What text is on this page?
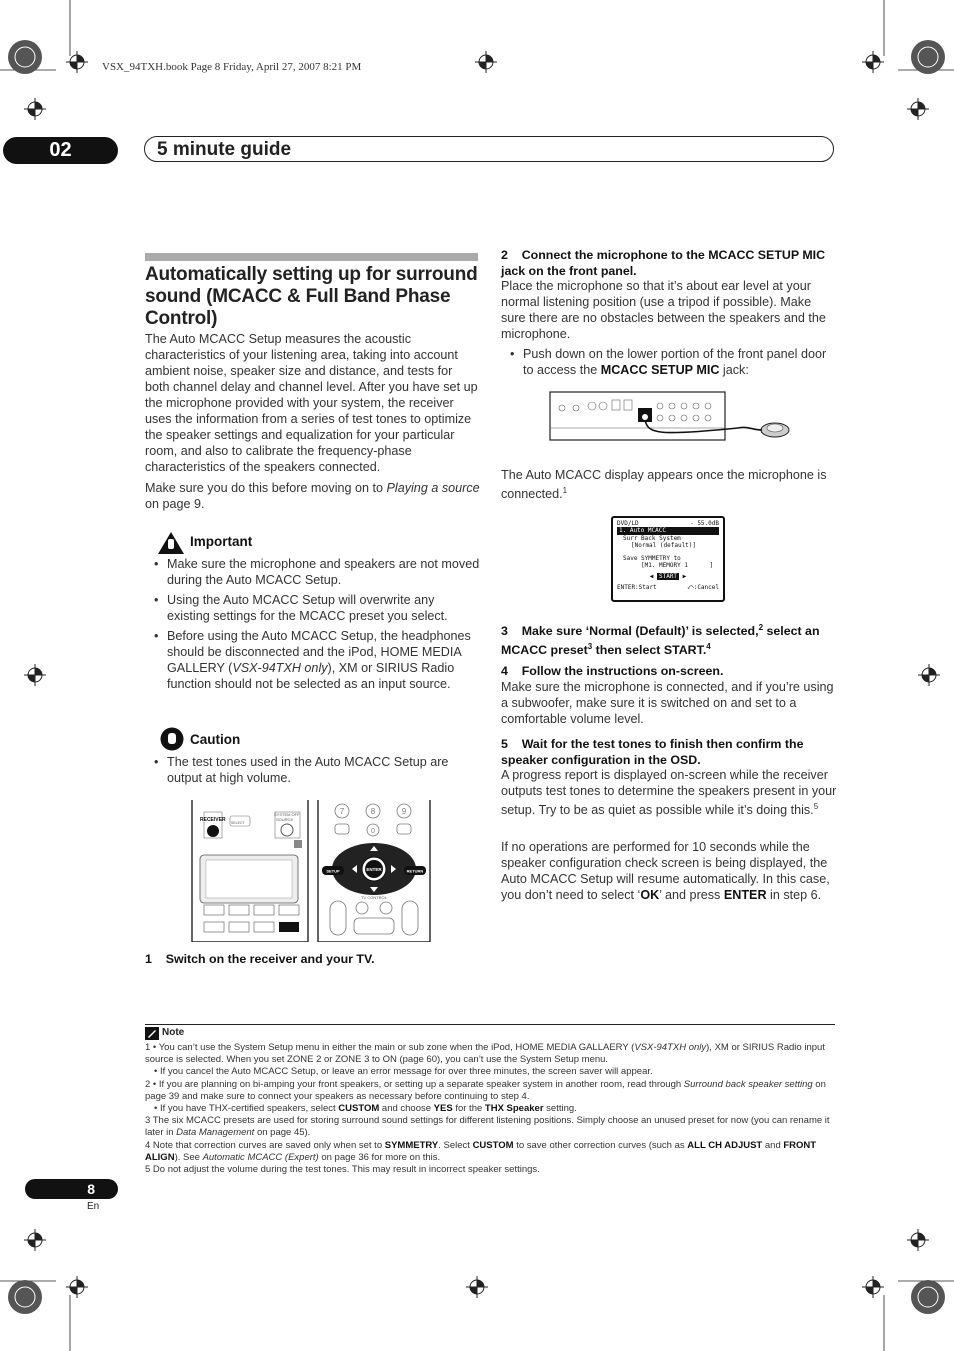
VSX_94TXH.book Page 8 Friday, April 27, 2007 8:21 PM
02	5 minute guide
Automatically setting up for surround sound (MCACC & Full Band Phase Control)
The Auto MCACC Setup measures the acoustic characteristics of your listening area, taking into account ambient noise, speaker size and distance, and tests for both channel delay and channel level. After you have set up the microphone provided with your system, the receiver uses the information from a series of test tones to optimize the speaker settings and equalization for your particular room, and also to calibrate the frequency-phase characteristics of the speakers connected.
Make sure you do this before moving on to Playing a source on page 9.
Important
• Make sure the microphone and speakers are not moved during the Auto MCACC Setup.
• Using the Auto MCACC Setup will overwrite any existing settings for the MCACC preset you select.
• Before using the Auto MCACC Setup, the headphones should be disconnected and the iPod, HOME MEDIA GALLERY (VSX-94TXH only), XM or SIRIUS Radio function should not be selected as an input source.
Caution
• The test tones used in the Auto MCACC Setup are output at high volume.
RECEIVER
SYSTEM OFF
SOURCE
SELECT
7	8	9
0
ENTER
SETUP	RETURN
TV CONTROL
1 Switch on the receiver and your TV.
2 Connect the microphone to the MCACC SETUP MIC jack on the front panel.
Place the microphone so that it’s about ear level at your normal listening position (use a tripod if possible). Make sure there are no obstacles between the speakers and the microphone.
• Push down on the lower portion of the front panel door to access the MCACC SETUP MIC jack:
The Auto MCACC display appears once the microphone is connected.$^1$
DVD/LD	- 55.0dB
1. Auto MCACC
Surr Back System
[Normal (default)]
Save SYMMETRY to
[M1. MEMORY 1      ]
◀ START ▶
ENTER:Start	⤺:Cancel
3 Make sure ‘Normal (Default)’ is selected,$^2$ select an MCACC preset$^3$ then select START.$^4$
4 Follow the instructions on-screen.
Make sure the microphone is connected, and if you’re using a subwoofer, make sure it is switched on and set to a comfortable volume level.
5 Wait for the test tones to finish then confirm the speaker configuration in the OSD.
A progress report is displayed on-screen while the receiver outputs test tones to determine the speakers present in your setup. Try to be as quiet as possible while it’s doing this.$^5$
If no operations are performed for 10 seconds while the speaker configuration check screen is being displayed, the Auto MCACC Setup will resume automatically. In this case, you don’t need to select ‘OK’ and press ENTER in step 6.
Note
1 • You can’t use the System Setup menu in either the main or sub zone when the iPod, HOME MEDIA GALLAERY (VSX-94TXH only), XM or SIRIUS Radio input source is selected. When you set ZONE 2 or ZONE 3 to ON (page 60), you can’t use the System Setup menu.
• If you cancel the Auto MCACC Setup, or leave an error message for over three minutes, the screen saver will appear.
2 • If you are planning on bi-amping your front speakers, or setting up a separate speaker system in another room, read through Surround back speaker setting on page 39 and make sure to connect your speakers as necessary before continuing to step 4.
• If you have THX-certified speakers, select CUSTOM and choose YES for the THX Speaker setting.
3 The six MCACC presets are used for storing surround sound settings for different listening positions. Simply choose an unused preset for now (you can rename it later in Data Management on page 45).
4 Note that correction curves are saved only when set to SYMMETRY. Select CUSTOM to save other correction curves (such as ALL CH ADJUST and FRONT ALIGN). See Automatic MCACC (Expert) on page 36 for more on this.
5 Do not adjust the volume during the test tones. This may result in incorrect speaker settings.
8
En
